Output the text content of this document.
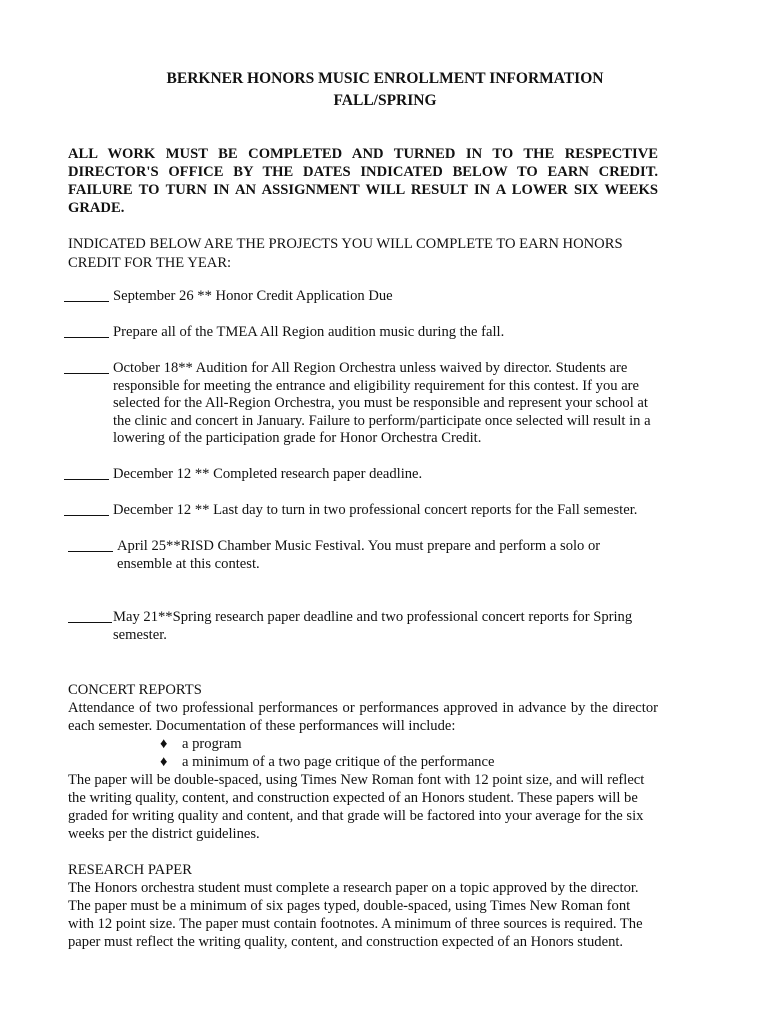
BERKNER HONORS MUSIC ENROLLMENT INFORMATION
FALL/SPRING
ALL WORK MUST BE COMPLETED AND TURNED IN TO THE RESPECTIVE DIRECTOR'S OFFICE BY THE DATES INDICATED BELOW TO EARN CREDIT. FAILURE TO TURN IN AN ASSIGNMENT WILL RESULT IN A LOWER SIX WEEKS GRADE.
INDICATED BELOW ARE THE PROJECTS YOU WILL COMPLETE TO EARN HONORS CREDIT FOR THE YEAR:
September 26 ** Honor Credit Application Due
Prepare all of the TMEA All Region audition music during the fall.
October 18** Audition for All Region Orchestra unless waived by director. Students are responsible for meeting the entrance and eligibility requirement for this contest. If you are selected for the All-Region Orchestra, you must be responsible and represent your school at the clinic and concert in January. Failure to perform/participate once selected will result in a lowering of the participation grade for Honor Orchestra Credit.
December 12 ** Completed research paper deadline.
December 12 ** Last day to turn in two professional concert reports for the Fall semester.
April 25**RISD Chamber Music Festival. You must prepare and perform a solo or ensemble at this contest.
May 21**Spring research paper deadline and two professional concert reports for Spring semester.
CONCERT REPORTS
Attendance of two professional performances or performances approved in advance by the director each semester. Documentation of these performances will include:
♦ a program
♦ a minimum of a two page critique of the performance
The paper will be double-spaced, using Times New Roman font with 12 point size, and will reflect the writing quality, content, and construction expected of an Honors student. These papers will be graded for writing quality and content, and that grade will be factored into your average for the six weeks per the district guidelines.
RESEARCH PAPER
The Honors orchestra student must complete a research paper on a topic approved by the director. The paper must be a minimum of six pages typed, double-spaced, using Times New Roman font with 12 point size. The paper must contain footnotes. A minimum of three sources is required. The paper must reflect the writing quality, content, and construction expected of an Honors student.
